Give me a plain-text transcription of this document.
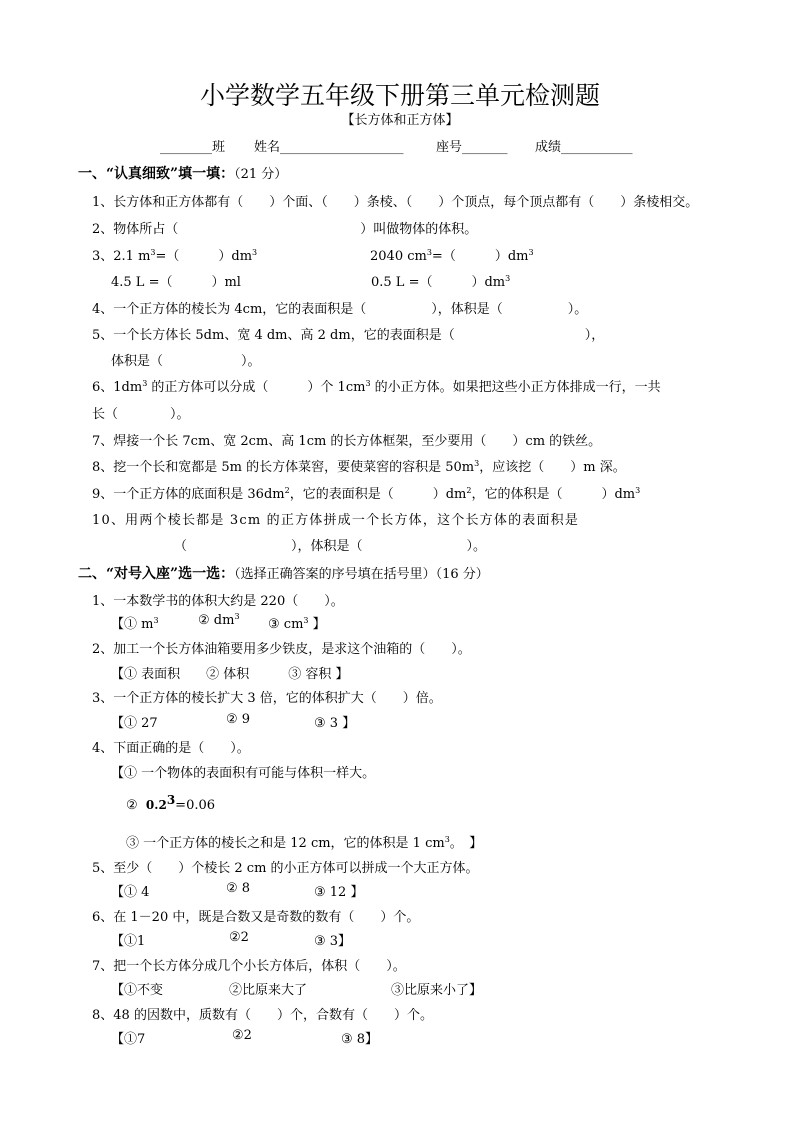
小学数学五年级下册第三单元检测题
【长方体和正方体】
________班 姓名___________________ 座号_______ 成绩___________
一、“认真细致”填一填：（21 分）
1、长方体和正方体都有（　　）个面、（　　）条棱、（　　）个顶点，每个顶点都有（　　）条棱相交。
2、物体所占（　　　　　　　　　　　　　　）叫做物体的体积。
3、2.1 $m^3=$（　　　）$dm^3$	2040 $cm^3=$（　　　）$dm^3$
4.5 L =（　　　）ml	0.5 L =（　　　）$dm^3$
4、一个正方体的棱长为 4cm，它的表面积是（　　　　　），体积是（　　　　　）。
5、一个长方体长 5dm、宽 4 dm、高 2 dm，它的表面积是（　　　　　　　　　　），
体积是（　　　　　　）。
6、$1dm^3$ 的正方体可以分成（　　　）个 $1cm^3$ 的小正方体。如果把这些小正方体排成一行，一共
长（　　　　）。
7、焊接一个长 7cm、宽 2cm、高 1cm 的长方体框架，至少要用（　　）cm 的铁丝。
8、挖一个长和宽都是 5m 的长方体菜窖，要使菜窖的容积是 $50m^3$，应该挖（　　）m 深。
9、一个正方体的底面积是 $36dm^2$，它的表面积是（　　　）$dm^2$，它的体积是（　　　）$dm^3$
10、用两个棱长都是 3cm 的正方体拼成一个长方体，这个长方体的表面积是
（　　　　　　　　），体积是（　　　　　　　　）。
二、“对号入座”选一选：（选择正确答案的序号填在括号里）（16 分）
1、一本数学书的体积大约是 220（　　）。
【① $m^3$	② $dm^3$
③ $cm^3$ 】
2、加工一个长方体油箱要用多少铁皮，是求这个油箱的（　　）。
【① 表面积　　② 体积　　　③ 容积 】
3、一个正方体的棱长扩大 3 倍，它的体积扩大（　　）倍。
【① 27	② 9	③ 3 】
4、下面正确的是（　　）。
【① 一个物体的表面积有可能与体积一样大。
② $0.2^3=0.06$
③ 一个正方体的棱长之和是 12 cm，它的体积是 1 $cm^3$。　】
5、至少（　　）个棱长 2 cm 的小正方体可以拼成一个大正方体。
【① 4	② 8	③ 12 】
6、在 1－20 中，既是合数又是奇数的数有（　　）个。
【①1	②2	③ 3】
7、把一个长方体分成几个小长方体后，体积（　　）。
【①不变	②比原来大了	③比原来小了】
8、48 的因数中，质数有（　　）个，合数有（　　）个。
【①7	②2	③ 8】
